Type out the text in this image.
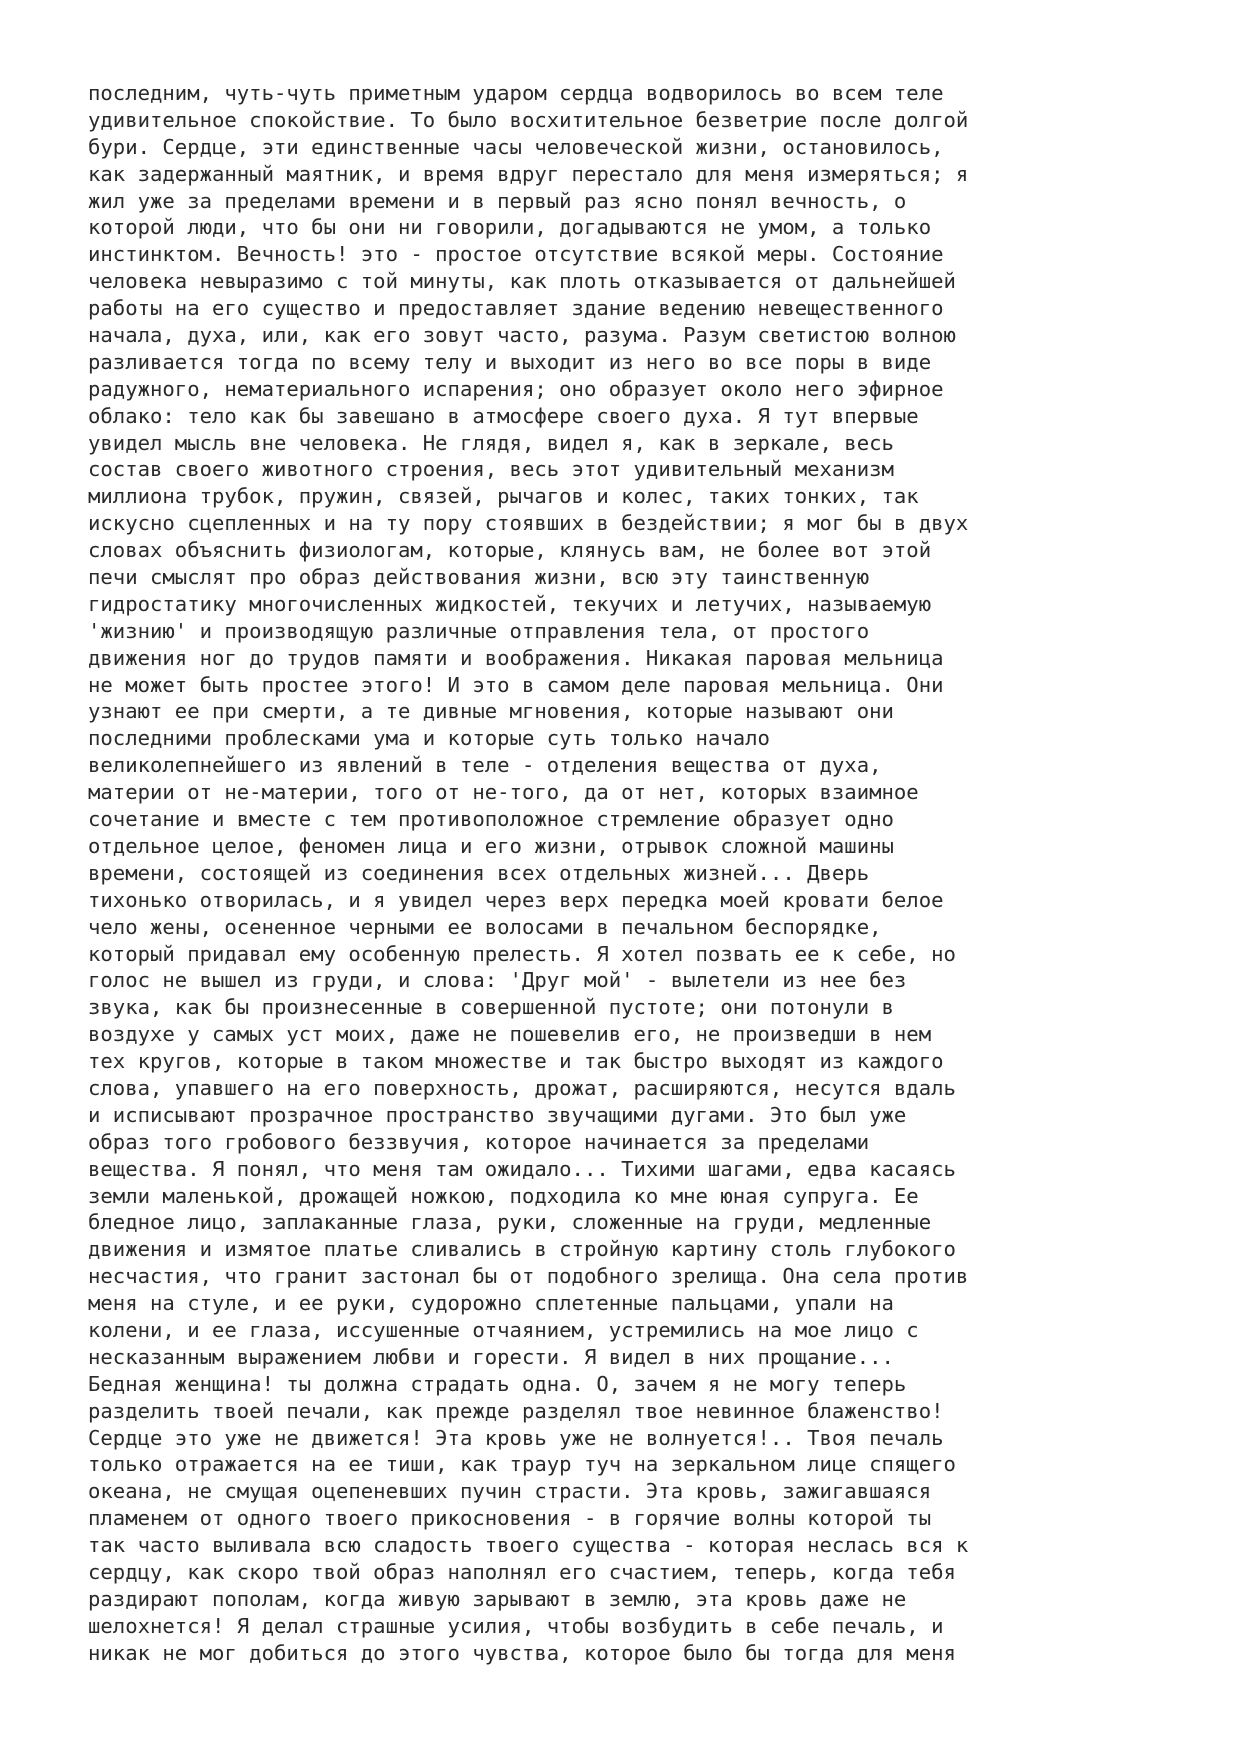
последним, чуть-чуть приметным ударом сердца водворилось во всем теле
удивительное спокойствие. То было восхитительное безветрие после долгой
бури. Сердце, эти единственные часы человеческой жизни, остановилось,
как задержанный маятник, и время вдруг перестало для меня измеряться; я
жил уже за пределами времени и в первый раз ясно понял вечность, о
которой люди, что бы они ни говорили, догадываются не умом, а только
инстинктом. Вечность! это - простое отсутствие всякой меры. Состояние
человека невыразимо с той минуты, как плоть отказывается от дальнейшей
работы на его существо и предоставляет здание ведению невещественного
начала, духа, или, как его зовут часто, разума. Разум светистою волною
разливается тогда по всему телу и выходит из него во все поры в виде
радужного, нематериального испарения; оно образует около него эфирное
облако: тело как бы завешано в атмосфере своего духа. Я тут впервые
увидел мысль вне человека. Не глядя, видел я, как в зеркале, весь
состав своего животного строения, весь этот удивительный механизм
миллиона трубок, пружин, связей, рычагов и колес, таких тонких, так
искусно сцепленных и на ту пору стоявших в бездействии; я мог бы в двух
словах объяснить физиологам, которые, клянусь вам, не более вот этой
печи смыслят про образ действования жизни, всю эту таинственную
гидростатику многочисленных жидкостей, текучих и летучих, называемую
'жизнию' и производящую различные отправления тела, от простого
движения ног до трудов памяти и воображения. Никакая паровая мельница
не может быть простее этого! И это в самом деле паровая мельница. Они
узнают ее при смерти, а те дивные мгновения, которые называют они
последними проблесками ума и которые суть только начало
великолепнейшего из явлений в теле - отделения вещества от духа,
материи от не-материи, того от не-того, да от нет, которых взаимное
сочетание и вместе с тем противоположное стремление образует одно
отдельное целое, феномен лица и его жизни, отрывок сложной машины
времени, состоящей из соединения всех отдельных жизней... Дверь
тихонько отворилась, и я увидел через верх передка моей кровати белое
чело жены, осененное черными ее волосами в печальном беспорядке,
который придавал ему особенную прелесть. Я хотел позвать ее к себе, но
голос не вышел из груди, и слова: 'Друг мой' - вылетели из нее без
звука, как бы произнесенные в совершенной пустоте; они потонули в
воздухе у самых уст моих, даже не пошевелив его, не произведши в нем
тех кругов, которые в таком множестве и так быстро выходят из каждого
слова, упавшего на его поверхность, дрожат, расширяются, несутся вдаль
и исписывают прозрачное пространство звучащими дугами. Это был уже
образ того гробового беззвучия, которое начинается за пределами
вещества. Я понял, что меня там ожидало... Тихими шагами, едва касаясь
земли маленькой, дрожащей ножкою, подходила ко мне юная супруга. Ее
бледное лицо, заплаканные глаза, руки, сложенные на груди, медленные
движения и измятое платье сливались в стройную картину столь глубокого
несчастия, что гранит застонал бы от подобного зрелища. Она села против
меня на стуле, и ее руки, судорожно сплетенные пальцами, упали на
колени, и ее глаза, иссушенные отчаянием, устремились на мое лицо с
несказанным выражением любви и горести. Я видел в них прощание...
Бедная женщина! ты должна страдать одна. О, зачем я не могу теперь
разделить твоей печали, как прежде разделял твое невинное блаженство!
Сердце это уже не движется! Эта кровь уже не волнуется!.. Твоя печаль
только отражается на ее тиши, как траур туч на зеркальном лице спящего
океана, не смущая оцепеневших пучин страсти. Эта кровь, зажигавшаяся
пламенем от одного твоего прикосновения - в горячие волны которой ты
так часто выливала всю сладость твоего существа - которая неслась вся к
сердцу, как скоро твой образ наполнял его счастием, теперь, когда тебя
раздирают пополам, когда живую зарывают в землю, эта кровь даже не
шелохнется! Я делал страшные усилия, чтобы возбудить в себе печаль, и
никак не мог добиться до этого чувства, которое было бы тогда для меня
